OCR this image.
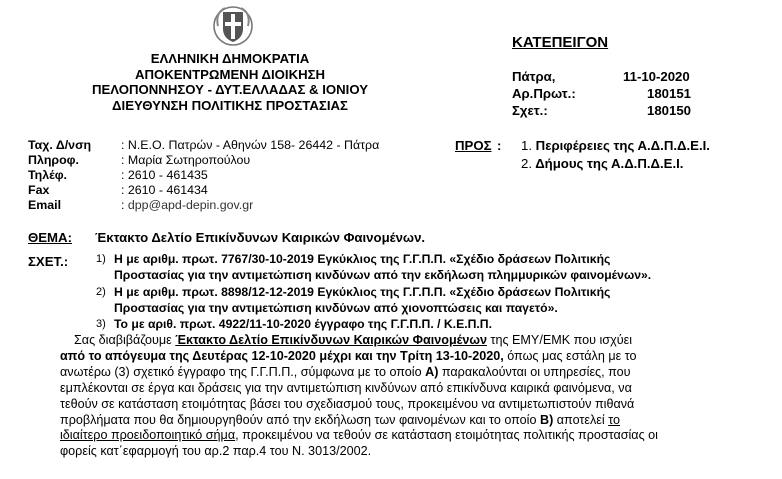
ΕΛΛΗΝΙΚΗ ΔΗΜΟΚΡΑΤΙΑ
ΑΠΟΚΕΝΤΡΩΜΕΝΗ ΔΙΟΙΚΗΣΗ
ΠΕΛΟΠΟΝΝΗΣΟΥ - ΔΥΤ.ΕΛΛΑΔΑΣ & ΙΟΝΙΟΥ
ΔΙΕΥΘΥΝΣΗ ΠΟΛΙΤΙΚΗΣ ΠΡΟΣΤΑΣΙΑΣ
ΚΑΤΕΠΕΙΓΟΝ
Πάτρα,	11-10-2020
Αρ.Πρωτ.:	180151
Σχετ.:	180150
Ταχ. Δ/νση : Ν.Ε.Ο. Πατρών - Αθηνών 158- 26442 - Πάτρα
Πληροφ.	: Μαρία Σωτηροπούλου
Τηλέφ.	: 2610 - 461435
Fax	: 2610 - 461434
Email	: dpp@apd-depin.gov.gr
ΠΡΟΣ : 1. Περιφέρειες της Α.Δ.Π.Δ.Ε.Ι.
2. Δήμους της Α.Δ.Π.Δ.Ε.Ι.
ΘΕΜΑ: Έκτακτο Δελτίο Επικίνδυνων Καιρικών Φαινομένων.
ΣΧΕΤ.:	1) Η με αριθμ. πρωτ. 7767/30-10-2019 Εγκύκλιος της Γ.Γ.Π.Π. «Σχέδιο δράσεων Πολιτικής
Προστασίας για την αντιμετώπιση κινδύνων από την εκδήλωση πλημμυρικών φαινομένων».
2) Η με αριθμ. πρωτ. 8898/12-12-2019 Εγκύκλιος της Γ.Γ.Π.Π. «Σχέδιο δράσεων Πολιτικής
Προστασίας για την αντιμετώπιση κινδύνων από χιονοπτώσεις και παγετό».
3) Το με αριθ. πρωτ. 4922/11-10-2020 έγγραφο της Γ.Γ.Π.Π. / Κ.Ε.Π.Π.
Σας διαβιβάζουμε Έκτακτο Δελτίο Επικίνδυνων Καιρικών Φαινομένων της ΕΜΥ/ΕΜΚ που ισχύει
από το απόγευμα της Δευτέρας 12-10-2020 μέχρι και την Τρίτη 13-10-2020, όπως μας εστάλη με το
ανωτέρω (3) σχετικό έγγραφο της Γ.Γ.Π.Π., σύμφωνα με το οποίο Α) παρακαλούνται οι υπηρεσίες, που
εμπλέκονται σε έργα και δράσεις για την αντιμετώπιση κινδύνων από επικίνδυνα καιρικά φαινόμενα, να
τεθούν σε κατάσταση ετοιμότητας βάσει του σχεδιασμού τους, προκειμένου να αντιμετωπιστούν πιθανά
προβλήματα που θα δημιουργηθούν από την εκδήλωση των φαινομένων και το οποίο Β) αποτελεί το
ιδιαίτερο προειδοποιητικό σήμα, προκειμένου να τεθούν σε κατάσταση ετοιμότητας πολιτικής προστασίας οι
φορείς κατ΄εφαρμογή του αρ.2 παρ.4 του Ν. 3013/2002.
